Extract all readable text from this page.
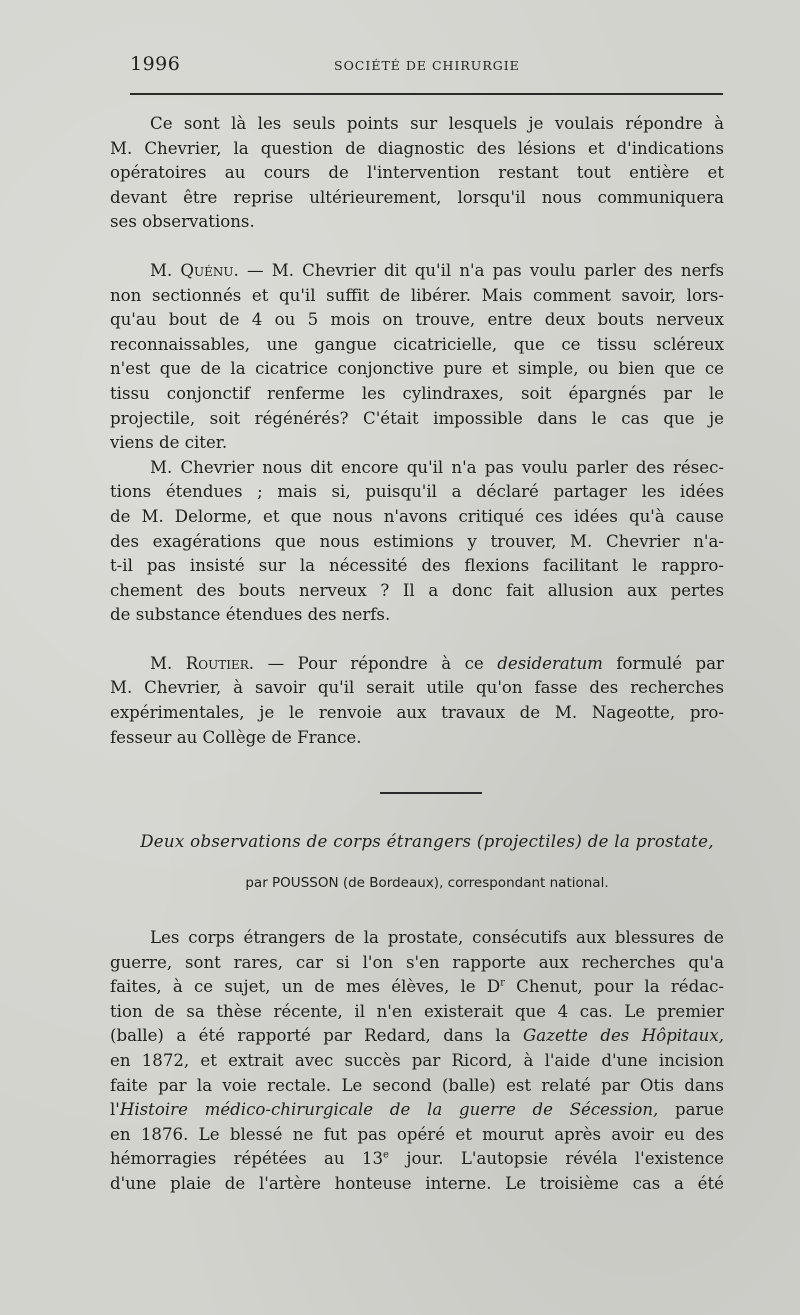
1996	SOCIÉTÉ DE CHIRURGIE

Ce sont là les seuls points sur lesquels je voulais répondre à
M. Chevrier, la question de diagnostic des lésions et d'indications
opératoires au cours de l'intervention restant tout entière et
devant être reprise ultérieurement, lorsqu'il nous communiquera
ses observations.

M. Quénu. — M. Chevrier dit qu'il n'a pas voulu parler des nerfs
non sectionnés et qu'il suffit de libérer. Mais comment savoir, lors-
qu'au bout de 4 ou 5 mois on trouve, entre deux bouts nerveux
reconnaissables, une gangue cicatricielle, que ce tissu scléreux
n'est que de la cicatrice conjonctive pure et simple, ou bien que ce
tissu conjonctif renferme les cylindraxes, soit épargnés par le
projectile, soit régénérés? C'était impossible dans le cas que je
viens de citer.

M. Chevrier nous dit encore qu'il n'a pas voulu parler des résec-
tions étendues ; mais si, puisqu'il a déclaré partager les idées
de M. Delorme, et que nous n'avons critiqué ces idées qu'à cause
des exagérations que nous estimions y trouver, M. Chevrier n'a-
t-il pas insisté sur la nécessité des flexions facilitant le rappro-
chement des bouts nerveux ? Il a donc fait allusion aux pertes
de substance étendues des nerfs.

M. Routier. — Pour répondre à ce desideratum formulé par
M. Chevrier, à savoir qu'il serait utile qu'on fasse des recherches
expérimentales, je le renvoie aux travaux de M. Nageotte, pro-
fesseur au Collège de France.

Deux observations de corps étrangers (projectiles) de la prostate,
par POUSSON (de Bordeaux), correspondant national.

Les corps étrangers de la prostate, consécutifs aux blessures de
guerre, sont rares, car si l'on s'en rapporte aux recherches qu'a
faites, à ce sujet, un de mes élèves, le $D^r$ Chenut, pour la rédac-
tion de sa thèse récente, il n'en existerait que 4 cas. Le premier
(balle) a été rapporté par Redard, dans la Gazette des Hôpitaux,
en 1872, et extrait avec succès par Ricord, à l'aide d'une incision
faite par la voie rectale. Le second (balle) est relaté par Otis dans
l'Histoire médico-chirurgicale de la guerre de Sécession, parue
en 1876. Le blessé ne fut pas opéré et mourut après avoir eu des
hémorragies répétées au 13e jour. L'autopsie révéla l'existence
d'une plaie de l'artère honteuse interne. Le troisième cas a été
